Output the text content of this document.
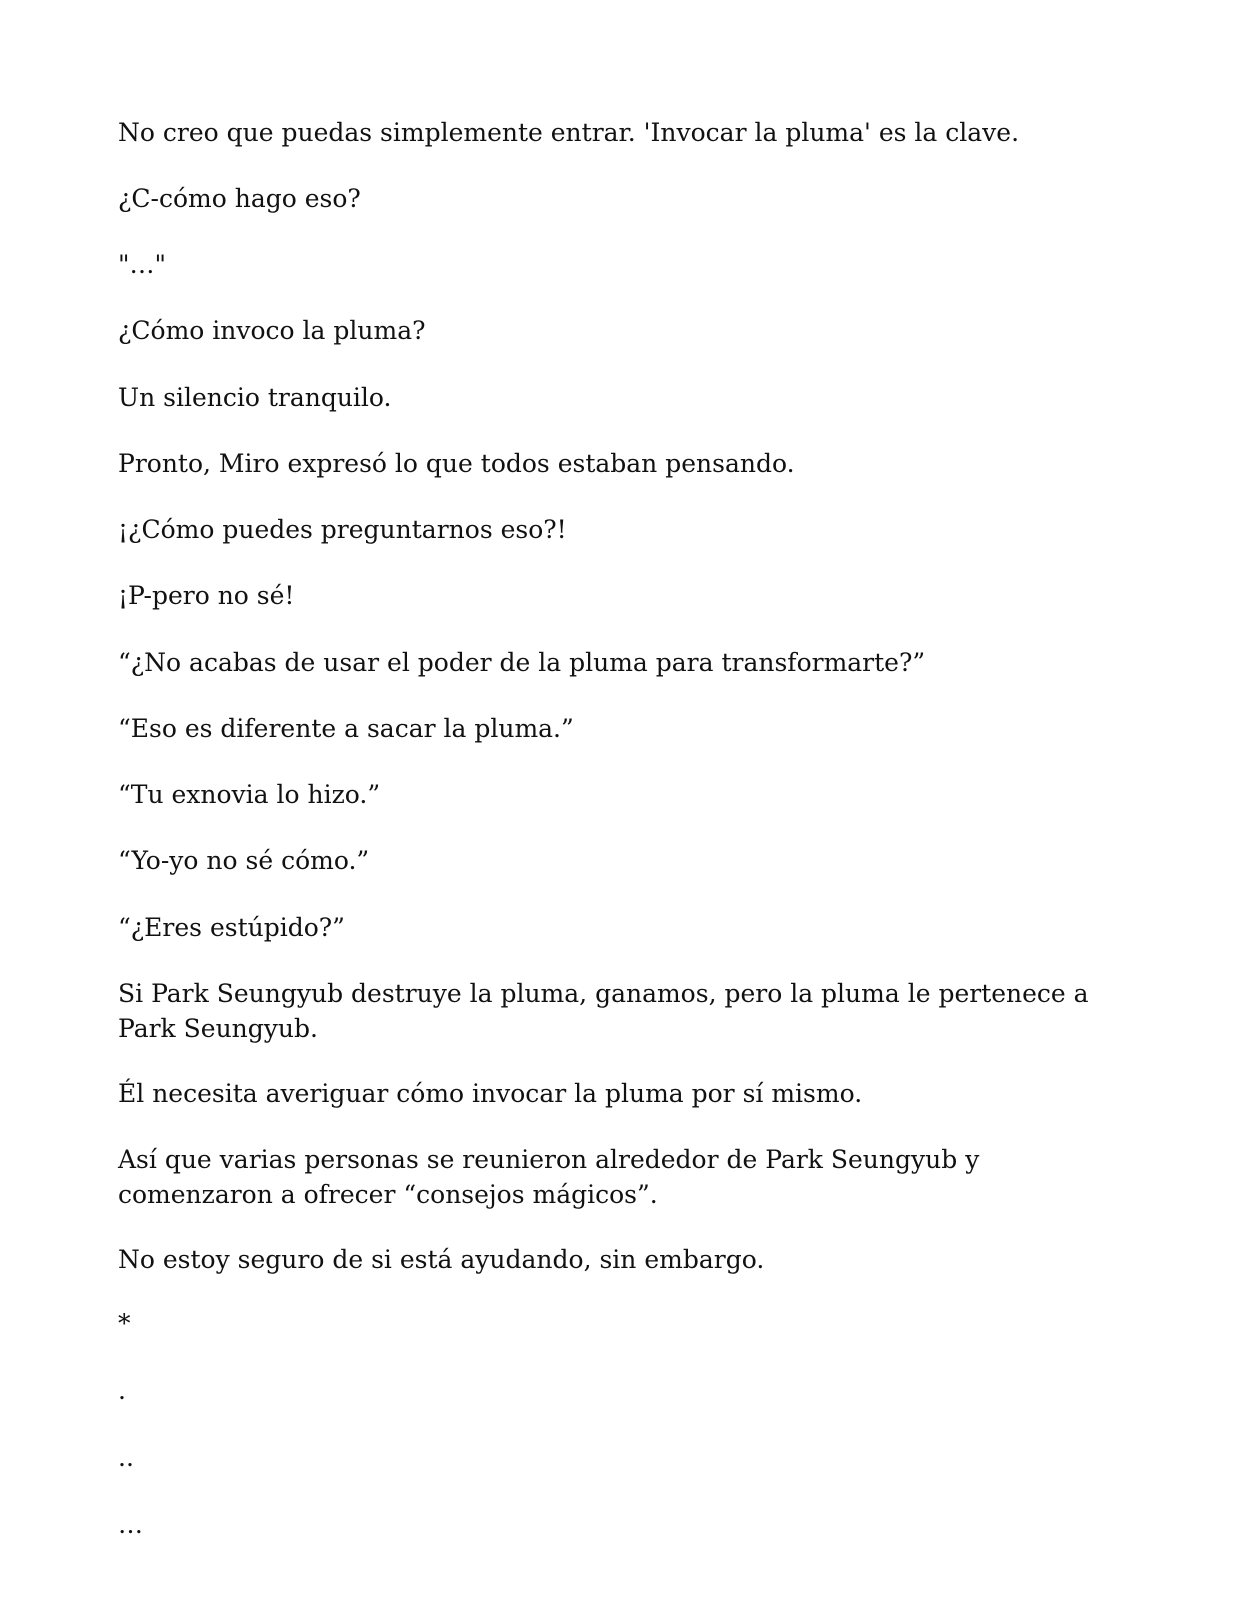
No creo que puedas simplemente entrar. 'Invocar la pluma' es la clave.

¿C-cómo hago eso?

"…"

¿Cómo invoco la pluma?

Un silencio tranquilo.

Pronto, Miro expresó lo que todos estaban pensando.

¡¿Cómo puedes preguntarnos eso?!

¡P-pero no sé!

“¿No acabas de usar el poder de la pluma para transformarte?”

“Eso es diferente a sacar la pluma.”

“Tu exnovia lo hizo.”

“Yo-yo no sé cómo.”

“¿Eres estúpido?”

Si Park Seungyub destruye la pluma, ganamos, pero la pluma le pertenece a Park Seungyub.

Él necesita averiguar cómo invocar la pluma por sí mismo.

Así que varias personas se reunieron alrededor de Park Seungyub y comenzaron a ofrecer “consejos mágicos”.

No estoy seguro de si está ayudando, sin embargo.

*

.

..

…
